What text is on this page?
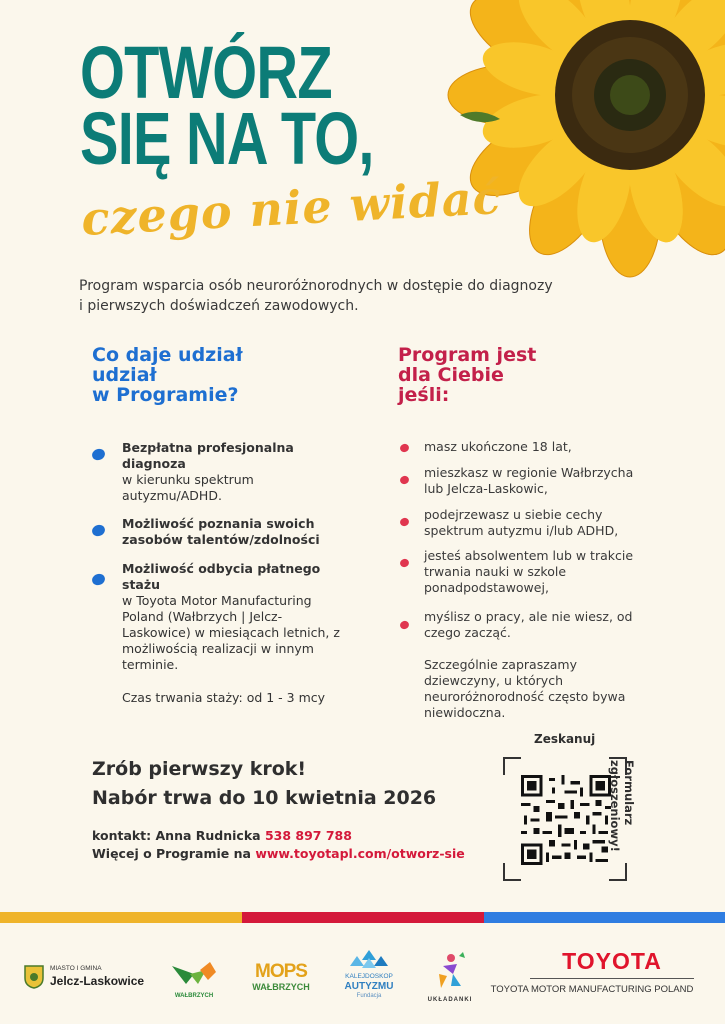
OTWÓRZ
SIĘ NA TO,
czego nie widać
Program wsparcia osób neuroróżnorodnych w dostępie do diagnozy i pierwszych doświadczeń zawodowych.
Co daje udział
udział
w Programie?
Bezpłatna profesjonalna diagnoza
w kierunku spektrum autyzmu/ADHD.
Możliwość poznania swoich zasobów talentów/zdolności
Możliwość odbycia płatnego stażu
w Toyota Motor Manufacturing Poland (Wałbrzych | Jelcz-Laskowice) w miesiącach letnich, z możliwością realizacji w innym terminie.
Czas trwania staży: od 1 - 3 mcy
Program jest
dla Ciebie
jeśli:
masz ukończone 18 lat,
mieszkasz w regionie Wałbrzycha lub Jelcza-Laskowic,
podejrzewasz u siebie cechy spektrum autyzmu i/lub ADHD,
jesteś absolwentem lub w trakcie trwania nauki w szkole ponadpodstawowej,
myślisz o pracy, ale nie wiesz, od czego zacząć.
Szczególnie zapraszamy dziewczyny, u których neuroróżnorodność często bywa niewidoczna.
Zrób pierwszy krok!
Nabór trwa do 10 kwietnia 2026
kontakt: Anna Rudnicka 538 897 788
Więcej o Programie na www.toyotapl.com/otworz-sie
Zeskanuj
Formularz
zgłoszeniowy!
MIASTO I GMINA
Jelcz-Laskowice
WAŁBRZYCH
MOPS
WAŁBRZYCH
KALEJDOSKOP
AUTYZMU
Fundacja
UKŁADANKI
TOYOTA
TOYOTA MOTOR MANUFACTURING POLAND
